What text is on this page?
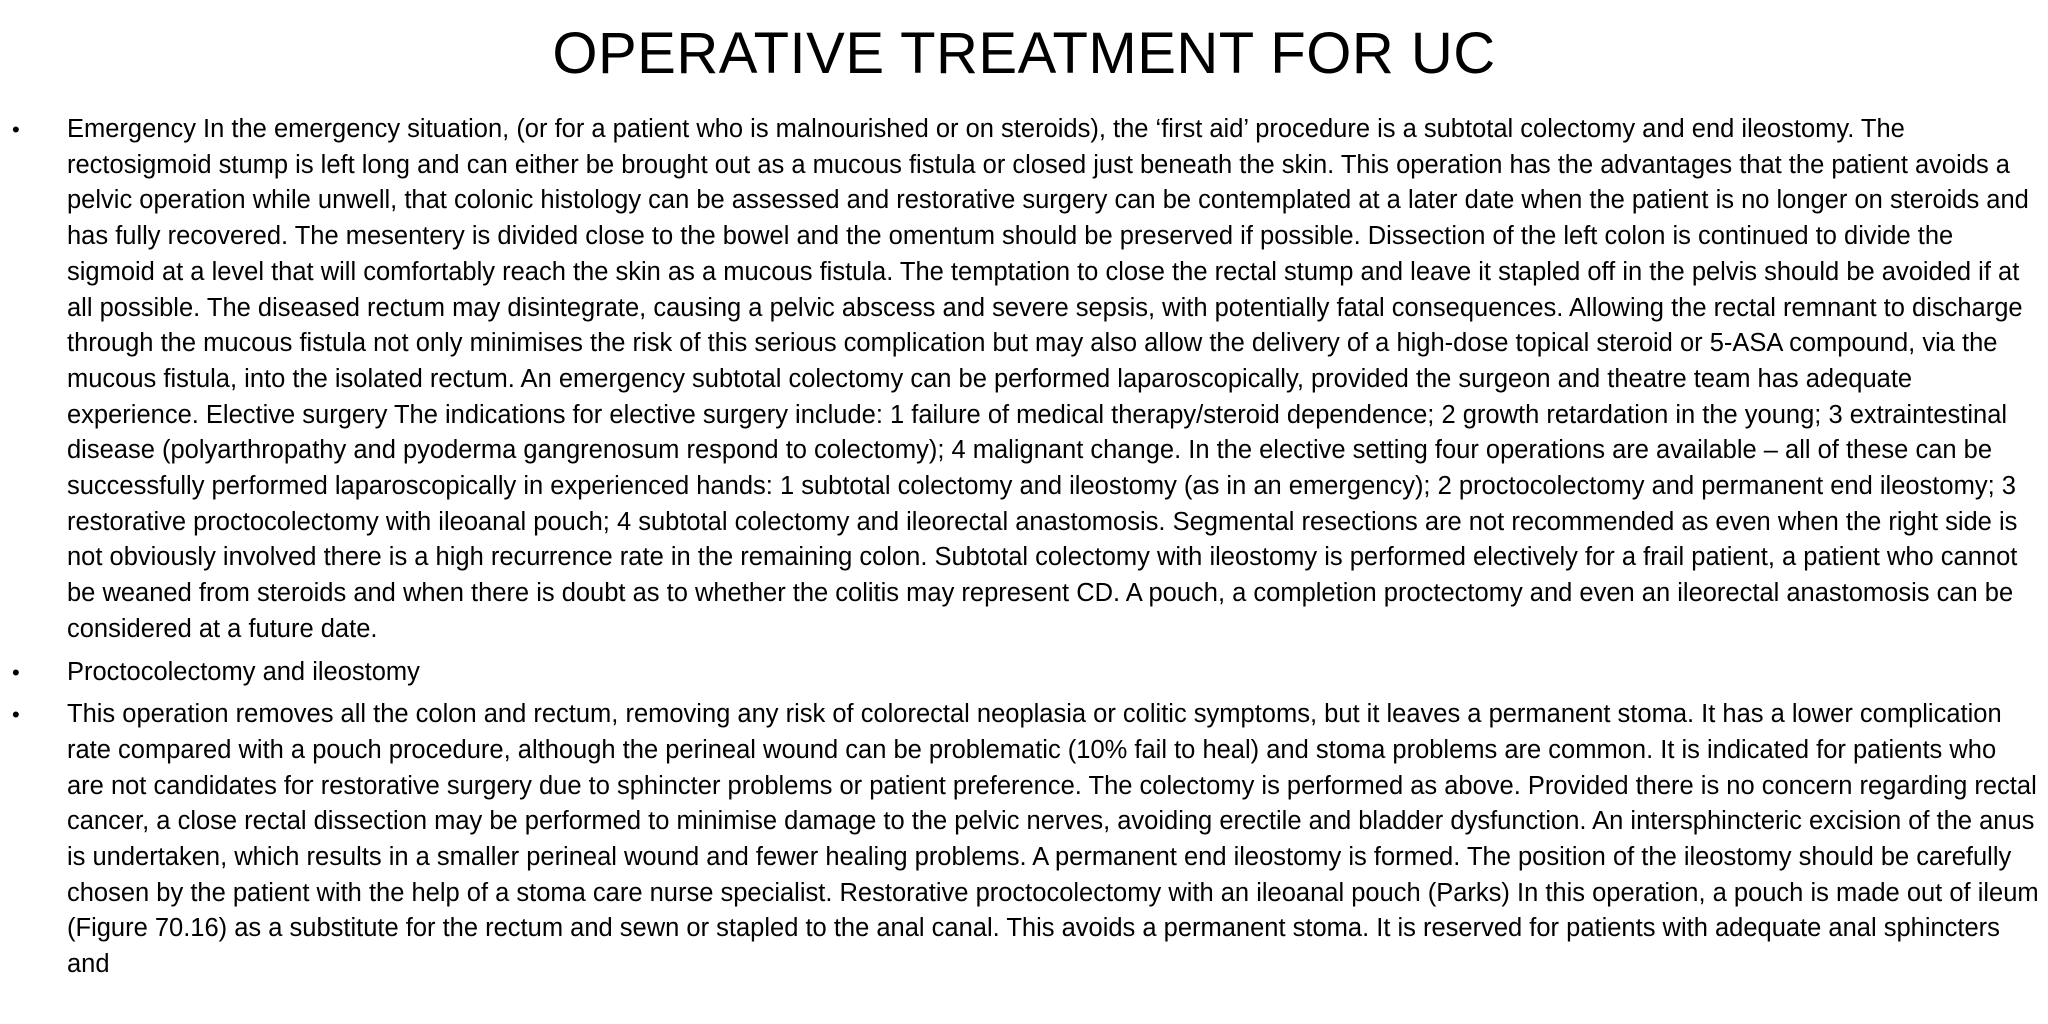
OPERATIVE TREATMENT FOR UC
• Emergency In the emergency situation, (or for a patient who is malnourished or on steroids), the ‘first aid’ procedure is a subtotal colectomy and end ileostomy. The rectosigmoid stump is left long and can either be brought out as a mucous fistula or closed just beneath the skin. This operation has the advantages that the patient avoids a pelvic operation while unwell, that colonic histology can be assessed and restorative surgery can be contemplated at a later date when the patient is no longer on steroids and has fully recovered. The mesentery is divided close to the bowel and the omentum should be preserved if possible. Dissection of the left colon is continued to divide the sigmoid at a level that will comfortably reach the skin as a mucous fistula. The temptation to close the rectal stump and leave it stapled off in the pelvis should be avoided if at all possible. The diseased rectum may disintegrate, causing a pelvic abscess and severe sepsis, with potentially fatal consequences. Allowing the rectal remnant to discharge through the mucous fistula not only minimises the risk of this serious complication but may also allow the delivery of a high-dose topical steroid or 5-ASA compound, via the mucous fistula, into the isolated rectum. An emergency subtotal colectomy can be performed laparoscopically, provided the surgeon and theatre team has adequate experience. Elective surgery The indications for elective surgery include: 1 failure of medical therapy/steroid dependence; 2 growth retardation in the young; 3 extraintestinal disease (polyarthropathy and pyoderma gangrenosum respond to colectomy); 4 malignant change. In the elective setting four operations are available – all of these can be successfully performed laparoscopically in experienced hands: 1 subtotal colectomy and ileostomy (as in an emergency); 2 proctocolectomy and permanent end ileostomy; 3 restorative proctocolectomy with ileoanal pouch; 4 subtotal colectomy and ileorectal anastomosis. Segmental resections are not recommended as even when the right side is not obviously involved there is a high recurrence rate in the remaining colon. Subtotal colectomy with ileostomy is performed electively for a frail patient, a patient who cannot be weaned from steroids and when there is doubt as to whether the colitis may represent CD. A pouch, a completion proctectomy and even an ileorectal anastomosis can be considered at a future date.
• Proctocolectomy and ileostomy
• This operation removes all the colon and rectum, removing any risk of colorectal neoplasia or colitic symptoms, but it leaves a permanent stoma. It has a lower complication rate compared with a pouch procedure, although the perineal wound can be problematic (10% fail to heal) and stoma problems are common. It is indicated for patients who are not candidates for restorative surgery due to sphincter problems or patient preference. The colectomy is performed as above. Provided there is no concern regarding rectal cancer, a close rectal dissection may be performed to minimise damage to the pelvic nerves, avoiding erectile and bladder dysfunction. An intersphincteric excision of the anus is undertaken, which results in a smaller perineal wound and fewer healing problems. A permanent end ileostomy is formed. The position of the ileostomy should be carefully chosen by the patient with the help of a stoma care nurse specialist. Restorative proctocolectomy with an ileoanal pouch (Parks) In this operation, a pouch is made out of ileum (Figure 70.16) as a substitute for the rectum and sewn or stapled to the anal canal. This avoids a permanent stoma. It is reserved for patients with adequate anal sphincters and
